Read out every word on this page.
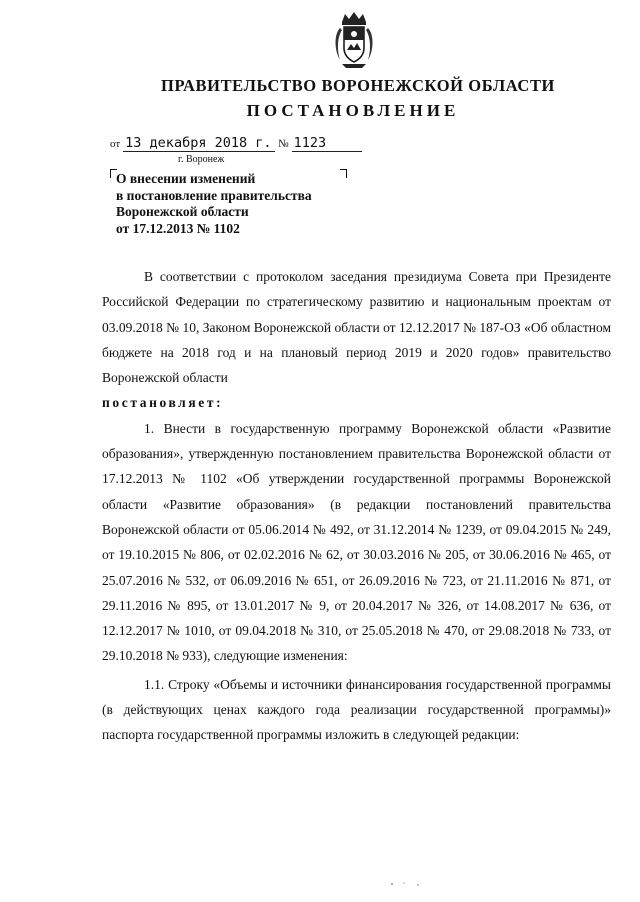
ПРАВИТЕЛЬСТВО ВОРОНЕЖСКОЙ ОБЛАСТИ
ПОСТАНОВЛЕНИЕ
от 13 декабря 2018 г. № 1123
г. Воронеж
О внесении изменений
в постановление правительства
Воронежской области
от 17.12.2013 № 1102

В соответствии с протоколом заседания президиума Совета при Президенте Российской Федерации по стратегическому развитию и национальным проектам от 03.09.2018 № 10, Законом Воронежской области от 12.12.2017 № 187-ОЗ «Об областном бюджете на 2018 год и на плановый период 2019 и 2020 годов» правительство Воронежской области

постановляет:

1. Внести в государственную программу Воронежской области «Развитие образования», утвержденную постановлением правительства Воронежской области от 17.12.2013 № 1102 «Об утверждении государственной программы Воронежской области «Развитие образования» (в редакции постановлений правительства Воронежской области от 05.06.2014 № 492, от 31.12.2014 № 1239, от 09.04.2015 № 249, от 19.10.2015 № 806, от 02.02.2016 № 62, от 30.03.2016 № 205, от 30.06.2016 № 465, от 25.07.2016 № 532, от 06.09.2016 № 651, от 26.09.2016 № 723, от 21.11.2016 № 871, от 29.11.2016 № 895, от 13.01.2017 № 9, от 20.04.2017 № 326, от 14.08.2017 № 636, от 12.12.2017 № 1010, от 09.04.2018 № 310, от 25.05.2018 № 470, от 29.08.2018 № 733, от 29.10.2018 № 933), следующие изменения:

1.1. Строку «Объемы и источники финансирования государственной программы (в действующих ценах каждого года реализации государственной программы)» паспорта государственной программы изложить в следующей редакции:
